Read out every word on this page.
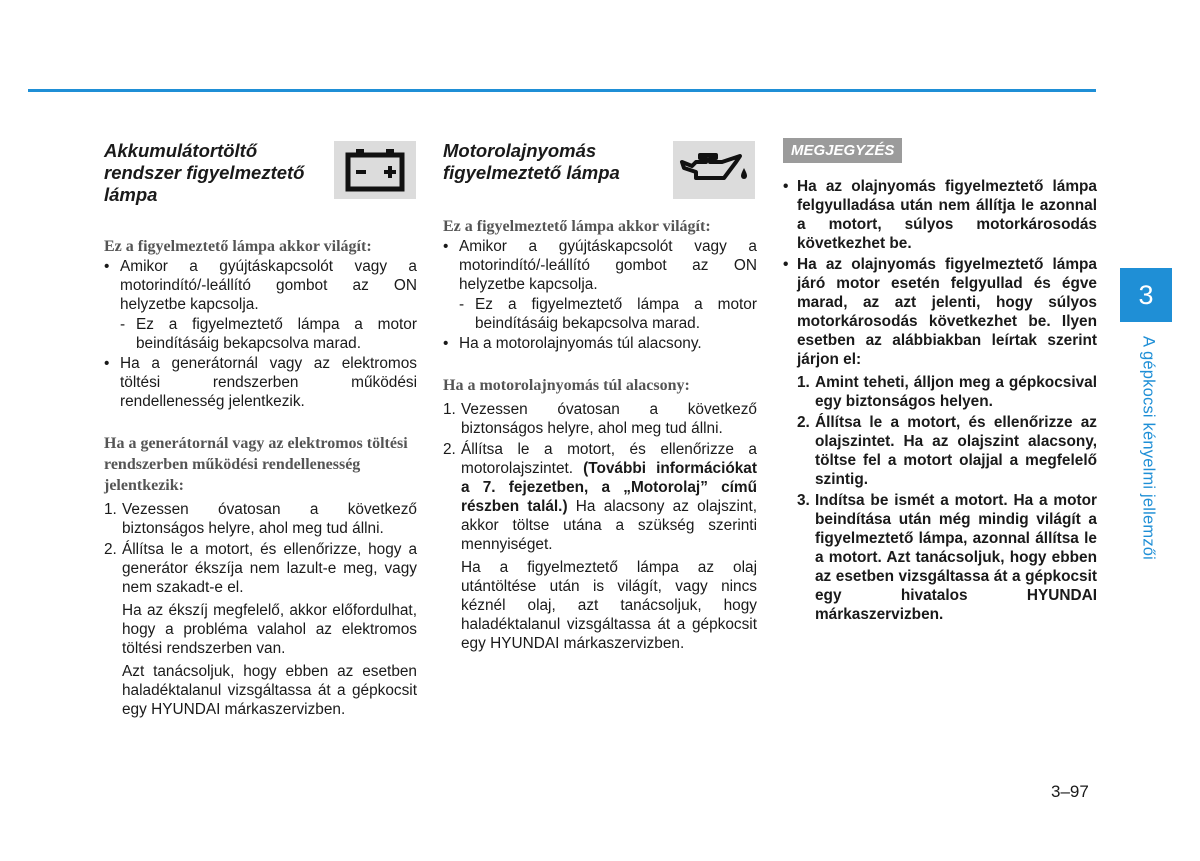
Akkumulátortöltő rendszer figyelmeztető lámpa

Ez a figyelmeztető lámpa akkor világít:

• Amikor a gyújtáskapcsolót vagy a motorindító/-leállító gombot az ON helyzetbe kapcsolja.
- Ez a figyelmeztető lámpa a motor beindításáig bekapcsolva marad.
• Ha a generátornál vagy az elektromos töltési rendszerben működési rendellenesség jelentkezik.

Ha a generátornál vagy az elektromos töltési rendszerben működési rendellenesség jelentkezik:

1. Vezessen óvatosan a következő biztonságos helyre, ahol meg tud állni.
2. Állítsa le a motort, és ellenőrizze, hogy a generátor ékszíja nem lazult-e meg, vagy nem szakadt-e el.

Ha az ékszíj megfelelő, akkor előfordulhat, hogy a probléma valahol az elektromos töltési rendszerben van.

Azt tanácsoljuk, hogy ebben az esetben haladéktalanul vizsgáltassa át a gépkocsit egy HYUNDAI márkaszervizben.

Motorolajnyomás figyelmeztető lámpa

Ez a figyelmeztető lámpa akkor világít:

• Amikor a gyújtáskapcsolót vagy a motorindító/-leállító gombot az ON helyzetbe kapcsolja.
- Ez a figyelmeztető lámpa a motor beindításáig bekapcsolva marad.
• Ha a motorolajnyomás túl alacsony.

Ha a motorolajnyomás túl alacsony:

1. Vezessen óvatosan a következő biztonságos helyre, ahol meg tud állni.
2. Állítsa le a motort, és ellenőrizze a motorolajszintet. (További információkat a 7. fejezetben, a „Motorolaj” című részben talál.) Ha alacsony az olajszint, akkor töltse utána a szükség szerinti mennyiséget.

Ha a figyelmeztető lámpa az olaj utántöltése után is világít, vagy nincs kéznél olaj, azt tanácsoljuk, hogy haladéktalanul vizsgáltassa át a gépkocsit egy HYUNDAI márkaszervizben.

MEGJEGYZÉS
• Ha az olajnyomás figyelmeztető lámpa felgyulladása után nem állítja le azonnal a motort, súlyos motorkárosodás következhet be.
• Ha az olajnyomás figyelmeztető lámpa járó motor esetén felgyullad és égve marad, az azt jelenti, hogy súlyos motorkárosodás következhet be. Ilyen esetben az alábbiakban leírtak szerint járjon el:
1. Amint teheti, álljon meg a gépkocsival egy biztonságos helyen.
2. Állítsa le a motort, és ellenőrizze az olajszintet. Ha az olajszint alacsony, töltse fel a motort olajjal a megfelelő szintig.
3. Indítsa be ismét a motort. Ha a motor beindítása után még mindig világít a figyelmeztető lámpa, azonnal állítsa le a motort. Azt tanácsoljuk, hogy ebben az esetben vizsgáltassa át a gépkocsit egy hivatalos HYUNDAI márkaszervizben.
3
A gépkocsi kényelmi jellemzői
3–97
